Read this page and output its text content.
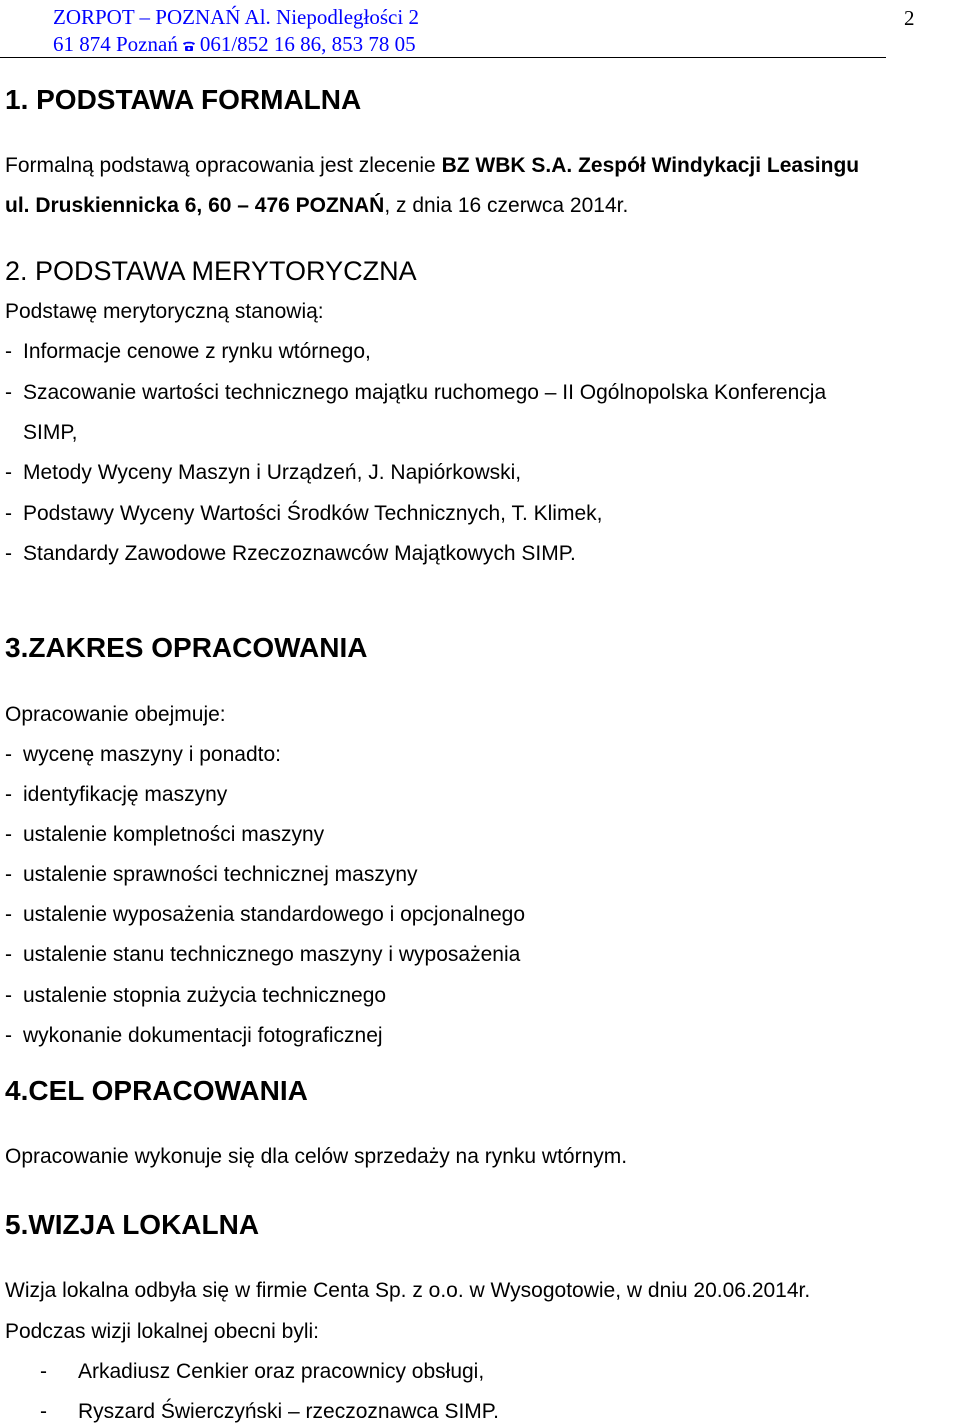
ZORPOT – POZNAŃ Al. Niepodległości 2
61 874 Poznań 061/852 16 86, 853 78 05
2
1. PODSTAWA FORMALNA
Formalną podstawą opracowania jest zlecenie BZ WBK S.A. Zespół Windykacji Leasingu
ul. Druskiennicka 6, 60 – 476 POZNAŃ, z dnia 16 czerwca 2014r.
2. PODSTAWA MERYTORYCZNA
Podstawę merytoryczną stanowią:
- Informacje cenowe z rynku wtórnego,
- Szacowanie wartości technicznego majątku ruchomego – II Ogólnopolska Konferencja
SIMP,
- Metody Wyceny Maszyn i Urządzeń, J. Napiórkowski,
- Podstawy Wyceny Wartości Środków Technicznych, T. Klimek,
- Standardy Zawodowe Rzeczoznawców Majątkowych SIMP.
3.ZAKRES OPRACOWANIA
Opracowanie obejmuje:
- wycenę maszyny i ponadto:
- identyfikację maszyny
- ustalenie kompletności maszyny
- ustalenie sprawności technicznej maszyny
- ustalenie wyposażenia standardowego i opcjonalnego
- ustalenie stanu technicznego maszyny i wyposażenia
- ustalenie stopnia zużycia technicznego
- wykonanie dokumentacji fotograficznej
4.CEL OPRACOWANIA
Opracowanie wykonuje się dla celów sprzedaży na rynku wtórnym.
5.WIZJA LOKALNA
Wizja lokalna odbyła się w firmie Centa Sp. z o.o. w Wysogotowie, w dniu 20.06.2014r.
Podczas wizji lokalnej obecni byli:
- Arkadiusz Cenkier oraz pracownicy obsługi,
- Ryszard Świerczyński – rzeczoznawca SIMP.
